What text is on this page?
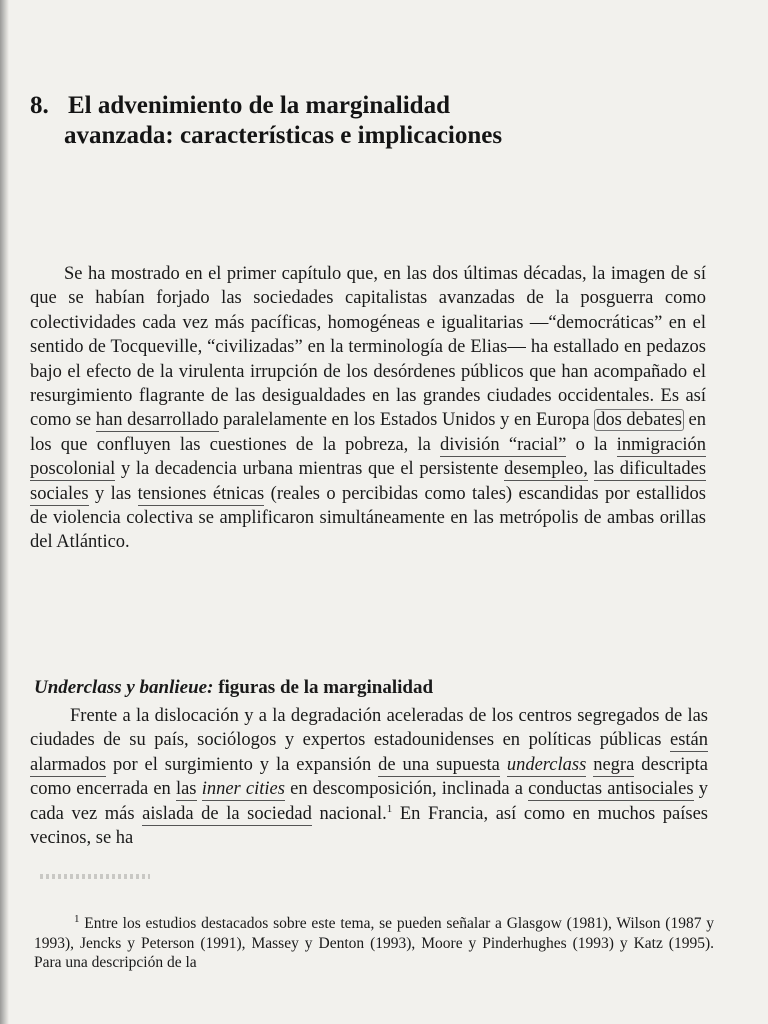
8. El advenimiento de la marginalidad
avanzada: características e implicaciones

Se ha mostrado en el primer capítulo que, en las dos últimas décadas, la imagen de sí que se habían forjado las sociedades capitalistas avanzadas de la posguerra como colectividades cada vez más pacíficas, homogéneas e igualitarias —“democráticas” en el sentido de Tocqueville, “civilizadas” en la terminología de Elias— ha estallado en pedazos bajo el efecto de la virulenta irrupción de los desórdenes públicos que han acompañado el resurgimiento flagrante de las desigualdades en las grandes ciudades occidentales. Es así como se han desarrollado paralelamente en los Estados Unidos y en Europa dos debates en los que confluyen las cuestiones de la pobreza, la división “racial” o la inmigración poscolonial y la decadencia urbana mientras que el persistente desempleo, las dificultades sociales y las tensiones étnicas (reales o percibidas como tales) escandidas por estallidos de violencia colectiva se amplificaron simultáneamente en las metrópolis de ambas orillas del Atlántico.

Underclass y banlieue: figuras de la marginalidad

Frente a la dislocación y a la degradación aceleradas de los centros segregados de las ciudades de su país, sociólogos y expertos estadounidenses en políticas públicas están alarmados por el surgimiento y la expansión de una supuesta underclass negra descripta como encerrada en las inner cities en descomposición, inclinada a conductas antisociales y cada vez más aislada de la sociedad nacional.$^1$ En Francia, así como en muchos países vecinos, se ha

$^1$ Entre los estudios destacados sobre este tema, se pueden señalar a Glasgow (1981), Wilson (1987 y 1993), Jencks y Peterson (1991), Massey y Denton (1993), Moore y Pinderhughes (1993) y Katz (1995). Para una descripción de la
